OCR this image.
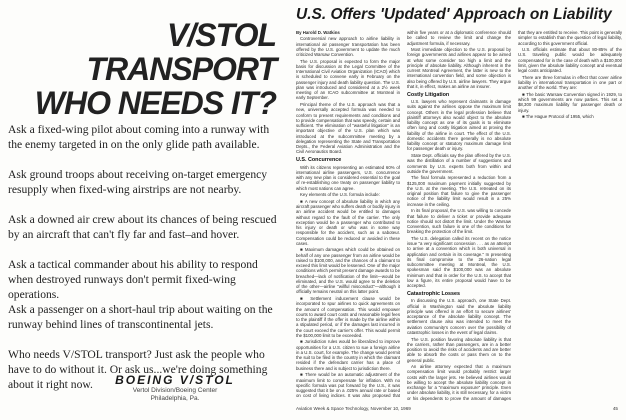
V/STOL TRANSPORT WHO NEEDS IT?

Ask a fixed-wing pilot about coming into a runway with the enemy targeted in on the only glide path available.

Ask ground troops about receiving on-target emergency resupply when fixed-wing airstrips are not nearby.

Ask a downed air crew about its chances of being rescued by an aircraft that can't fly far and fast–and hover.

Ask a tactical commander about his ability to respond when destroyed runways don't permit fixed-wing operations.

Ask a passenger on a short-haul trip about waiting on the runway behind lines of transcontinental jets.

Who needs V/STOL transport? Just ask the people who have to do without it. Or ask us...we're doing something about it right now.	BOEING V/STOL
Vertol Division/Boeing Center
Philadelphia, Pa.
U.S. Offers 'Updated' Approach on Liability

By Harold D. Watkins

Controversial new approach to airline liability in international air passenger transportation has been offered by the U.S. government to update the much criticized Warsaw Convention.

The U.S. proposal is expected to form the major basis for discussion at the Legal Committee of the International Civil Aviation Organization (ICAO) which is scheduled to convene early in February on the passenger injury and death liability question. The U.S. plan was introduced and considered at a 2½ week meeting of an ICAO subcommittee at Montreal in early September.

Principal theme of the U.S. approach was that a new, universally accepted formula was needed to conform to present requirements and conditions and to provide compensation that was speedy, certain and sufficient. The elimination of "wasteful litigation" is an important objective of the U.S. plan which was introduced at the subcommittee meeting by a delegation representing the State and Transportation Depts., the Federal Aviation Administration and the Civil Aeronautics Board.

U.S. Concurrence

With its citizens representing an estimated 60% of international airline passengers, U.S. concurrence with any new plan is considered essential to the goal of re-establishing one treaty on passenger liability to which most nations can agree.

Key elements of the U.S. formula include:

■ A new concept of absolute liability in which any aircraft passenger who suffers death or bodily injury in an airline accident would be entitled to damages without regard to the fault of the carrier. The only exception would be a passenger who contributed to his injury or death or who was in some way responsible for the accident, such as a saboteur. Compensation could be reduced or avoided in these cases.

■ Maximum damages which could be obtained on behalf of any one passenger from an airline would be raised to $100,000, and the chances of a claimant to exceed this limit would be lessened. One of the major conditions which permit present damage awards to be breached—lack of notification of the limit—would be eliminated, and the U.S. would agree to the deletion of the other—airline "willful misconduct"—although it officially remains neutral on this latter point.

■ Settlement inducement clause would be incorporated to spur airlines to quick agreements on the amount of compensation. This would empower courts to award court costs and reasonable legal fees to the plaintiff if the offer is made by the airline within a stipulated period, or if the damages last incurred in the court exceed the carrier's offer. This would permit the $100,000 limit to be exceeded.

■ Jurisdiction rules would be liberalized to improve opportunities for a U.S. citizen to sue a foreign airline in a U.S. court, for example. The change would permit the suit to be filed in the country in which the claimant resided if the defendant carrier has a place of business there and is subject to jurisdiction there.

■ There would be an automatic adjustment of the maximum limit to compensate for inflation. With no specific formula was put forward by the U.S., it was suggested that it be on a .025% annual rate or based on cost of living indices. It was also proposed that within five years or at a diplomatic conference should be called to review the limit and change the adjustment formula, if necessary.

Most immediate objection to the U.S. proposal by foreign governments and airlines appear to be aimed at what some consider too high a limit and the principle of absolute liability. Although inherent in the current Montreal Agreement, the latter is new to the international convention field, and some objection is also being offered by U.S. airline lawyers. They argue that it, in effect, makes an airline an insurer.

Costly Litigation

U.S. lawyers who represent claimants in damage suits against the airlines oppose the maximum limit concept. Others in the legal profession believe that plaintiff attorneys also would object to the absolute liability concept as one of its goals is to eliminate often long and costly litigation aimed at proving the liability of the airline in court. The effect of the U.S. domestic accidents there generally is no absolute liability concept or statutory maximum damage limit for passenger death or injury.

State Dept. officials say the plan offered by the U.S. was the distillation of a number of suggestions and comments by U.S. experts both from within and outside the government.

The final formula represented a reduction from a $125,000 maximum payment initially suggested by the U.S. at the meeting. The U.S. retreated on its original position that failure to give the passenger notice of the liability limit would result in a 25% increase in the ceiling.

In its final proposal, the U.S. was willing to concede that failure to deliver a ticket or provide adequate notice should not distort the limit. Under the Warsaw Convention, such failure is one of the conditions for breaking the protection of the limit.

The U.S. delegation called its recent on the notice issue "a very significant concession . . . as an attempt to arrive at a convention which is both universal in application and certain in its coverage." In presenting its final compromise to the 26-nation legal subcommittee meeting at Montreal, the U.S. spokesman said the $100,000 was an absolute minimum and that in order for the U.S. to accept that low a figure, its entire proposal would have to be accepted.

Catastrophic Losses

In discussing the U.S. approach, one State Dept. official in Washington said the absolute liability principle was offered in an effort to secure airlines' acceptance of the absolute liability concept. The settlement clause also was intended to meet the aviation community's concern over the possibility of catastrophic losses in the event of legal claims.

The U.S. position favoring absolute liability is that the carriers, rather than passengers, are in a better position to avoid the risks of accidents and are better able to absorb the costs or pass them on to the general public.

An airline attorney expected that a maximum compensation limit would probably restrict larger costs with the larger jets. He believed airlines would be willing to accept the absolute liability concept in exchange for a "maximum exposure" principle. Even under absolute liability, it is still necessary, for a victim or his dependents to prove the amount of damages that they are entitled to receive. This point is generally simpler to establish than the question of legal liability, according to this government official.

U.S. officials estimate that about 80-85% of the U.S. traveling public would be adequately compensated for in the case of death with a $100,000 limit, given the absolute liability concept and eventual legal costs anticipated.

There are three formulas in effect that cover airline liability in international transportation in one part or another of the world. They are:

■ The basic Warsaw Convention signed in 1929, to which 99 governments are now parties. This set a $8,300 maximum liability for passenger death or injury.

■ The Hague Protocol of 1955, which

Aviation Week & Space Technology, November 10, 1969	45
